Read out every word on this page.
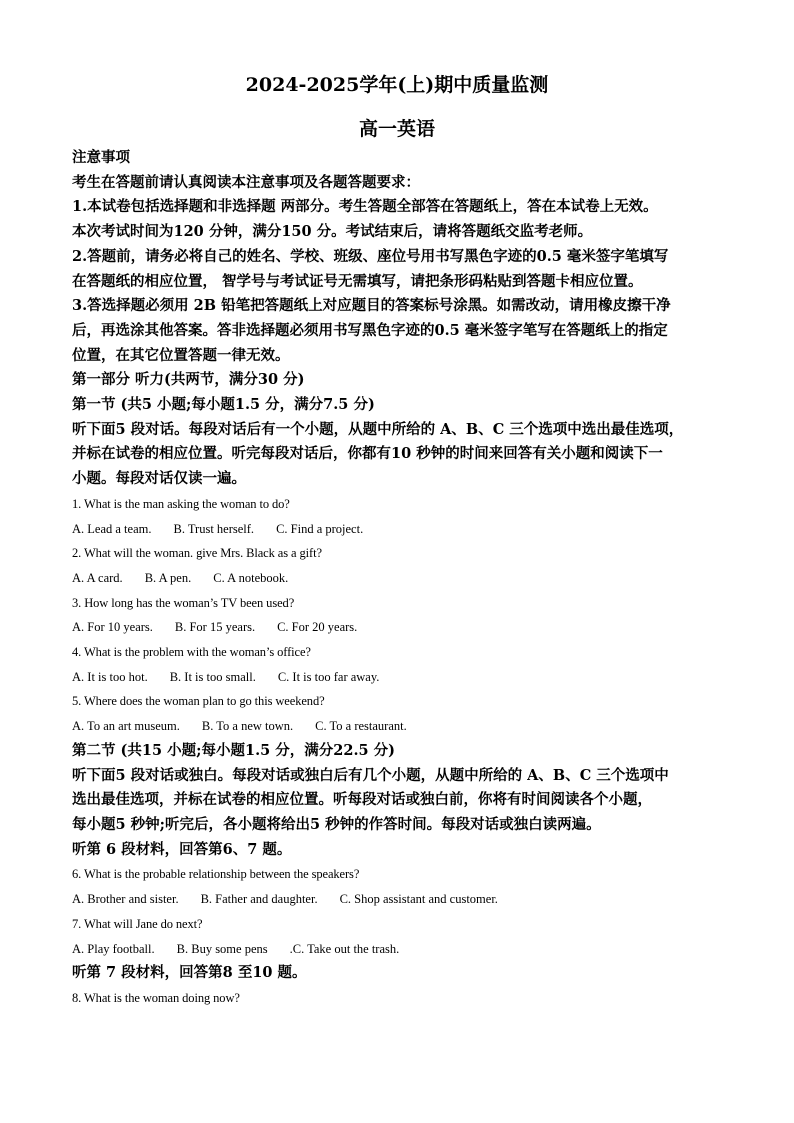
2024-2025学年(上)期中质量监测
高一英语

注意事项

考生在答题前请认真阅读本注意事项及各题答题要求：

1.本试卷包括选择题和非选择题 两部分。考生答题全部答在答题纸上，答在本试卷上无效。

本次考试时间为120 分钟，满分150 分。考试结束后，请将答题纸交监考老师。

2.答题前，请务必将自己的姓名、学校、班级、座位号用书写黑色字迹的0.5 毫米签字笔填写

在答题纸的相应位置， 智学号与考试证号无需填写，请把条形码粘贴到答题卡相应位置。

3.答选择题必须用 2B 铅笔把答题纸上对应题目的答案标号涂黑。如需改动，请用橡皮擦干净

后，再选涂其他答案。答非选择题必须用书写黑色字迹的0.5 毫米签字笔写在答题纸上的指定

位置，在其它位置答题一律无效。

第一部分 听力(共两节，满分30 分)

第一节 (共5 小题;每小题1.5 分，满分7.5 分)

听下面5 段对话。每段对话后有一个小题，从题中所给的 A、B、C 三个选项中选出最佳选项，

并标在试卷的相应位置。听完每段对话后，你都有10 秒钟的时间来回答有关小题和阅读下一

小题。每段对话仅读一遍。

1. What is the man asking the woman to do?

A. Lead a team. B. Trust herself. C. Find a project.

2. What will the woman. give Mrs. Black as a gift?

A. A card. B. A pen. C. A notebook.

3. How long has the woman’s TV been used?

A. For 10 years. B. For 15 years. C. For 20 years.

4. What is the problem with the woman’s office?

A. It is too hot. B. It is too small. C. It is too far away.

5. Where does the woman plan to go this weekend?

A. To an art museum. B. To a new town. C. To a restaurant.

第二节 (共15 小题;每小题1.5 分，满分22.5 分)

听下面5 段对话或独白。每段对话或独白后有几个小题，从题中所给的 A、B、C 三个选项中

选出最佳选项，并标在试卷的相应位置。听每段对话或独白前，你将有时间阅读各个小题，

每小题5 秒钟;听完后，各小题将给出5 秒钟的作答时间。每段对话或独白读两遍。

听第 6 段材料，回答第6、7 题。

6. What is the probable relationship between the speakers?

A. Brother and sister. B. Father and daughter. C. Shop assistant and customer.

7. What will Jane do next?

A. Play football. B. Buy some pens .C. Take out the trash.

听第 7 段材料，回答第8 至10 题。

8. What is the woman doing now?
